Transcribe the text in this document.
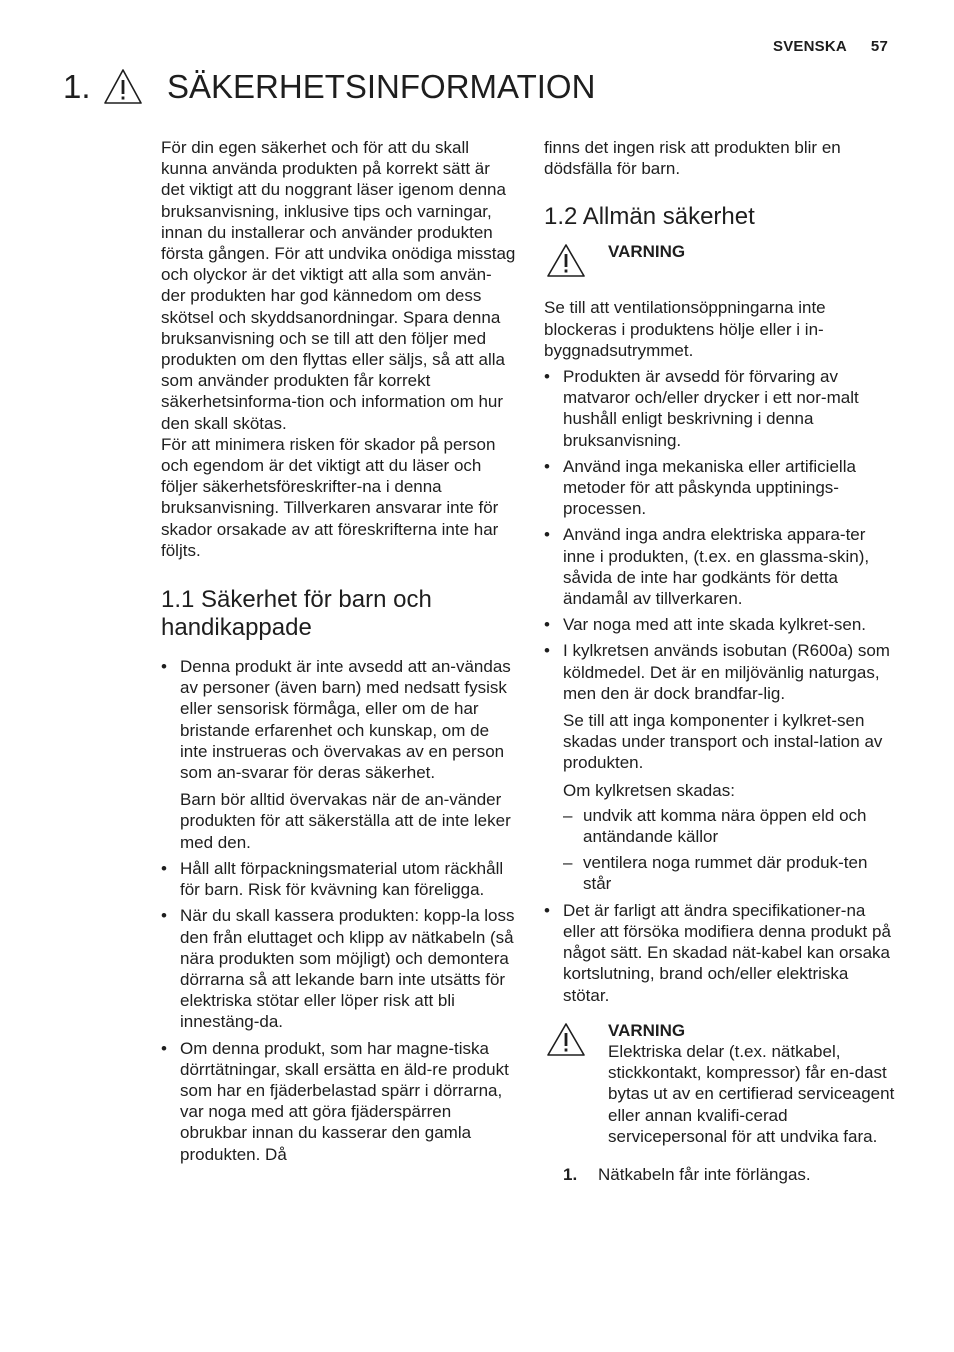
SVENSKA 57
1. SÄKERHETSINFORMATION

För din egen säkerhet och för att du skall kunna använda produkten på korrekt sätt är det viktigt att du noggrant läser igenom denna bruksanvisning, inklusive tips och varningar, innan du installerar och använder produkten första gången. För att undvika onödiga misstag och olyckor är det viktigt att alla som använ-der produkten har god kännedom om dess skötsel och skyddsanordningar. Spara denna bruksanvisning och se till att den följer med produkten om den flyttas eller säljs, så att alla som använder produkten får korrekt säkerhetsinforma-tion och information om hur den skall skötas.

För att minimera risken för skador på person och egendom är det viktigt att du läser och följer säkerhetsföreskrifter-na i denna bruksanvisning. Tillverkaren ansvarar inte för skador orsakade av att föreskrifterna inte har följts.

1.1 Säkerhet för barn och handikappade
• Denna produkt är inte avsedd att an-vändas av personer (även barn) med nedsatt fysisk eller sensorisk förmåga, eller om de har bristande erfarenhet och kunskap, om de inte instrueras och övervakas av en person som an-svarar för deras säkerhet.

Barn bör alltid övervakas när de an-vänder produkten för att säkerställa att de inte leker med den.

• Håll allt förpackningsmaterial utom räckhåll för barn. Risk för kvävning kan föreligga.
• När du skall kassera produkten: kopp-la loss den från eluttaget och klipp av nätkabeln (så nära produkten som möjligt) och demontera dörrarna så att lekande barn inte utsätts för elektriska stötar eller löper risk att bli innestäng-da.
• Om denna produkt, som har magne-tiska dörrtätningar, skall ersätta en äld-re produkt som har en fjäderbelastad spärr i dörrarna, var noga med att göra fjäderspärren obrukbar innan du kasserar den gamla produkten. Då

finns det ingen risk att produkten blir en dödsfälla för barn.

1.2 Allmän säkerhet
VARNING

Se till att ventilationsöppningarna inte blockeras i produktens hölje eller i in-byggnadsutrymmet.

• Produkten är avsedd för förvaring av matvaror och/eller drycker i ett nor-malt hushåll enligt beskrivning i denna bruksanvisning.
• Använd inga mekaniska eller artificiella metoder för att påskynda upptinings-processen.
• Använd inga andra elektriska appara-ter inne i produkten, (t.ex. en glassma-skin), såvida de inte har godkänts för detta ändamål av tillverkaren.
• Var noga med att inte skada kylkret-sen.
• I kylkretsen används isobutan (R600a) som köldmedel. Det är en miljövänlig naturgas, men den är dock brandfar-lig.

Se till att inga komponenter i kylkret-sen skadas under transport och instal-lation av produkten.

Om kylkretsen skadas:

– undvik att komma nära öppen eld och antändande källor
– ventilera noga rummet där produk-ten står
• Det är farligt att ändra specifikationer-na eller att försöka modifiera denna produkt på något sätt. En skadad nät-kabel kan orsaka kortslutning, brand och/eller elektriska stötar.
VARNING
Elektriska delar (t.ex. nätkabel, stickkontakt, kompressor) får en-dast bytas ut av en certifierad serviceagent eller annan kvalifi-cerad servicepersonal för att undvika fara.
1. Nätkabeln får inte förlängas.
